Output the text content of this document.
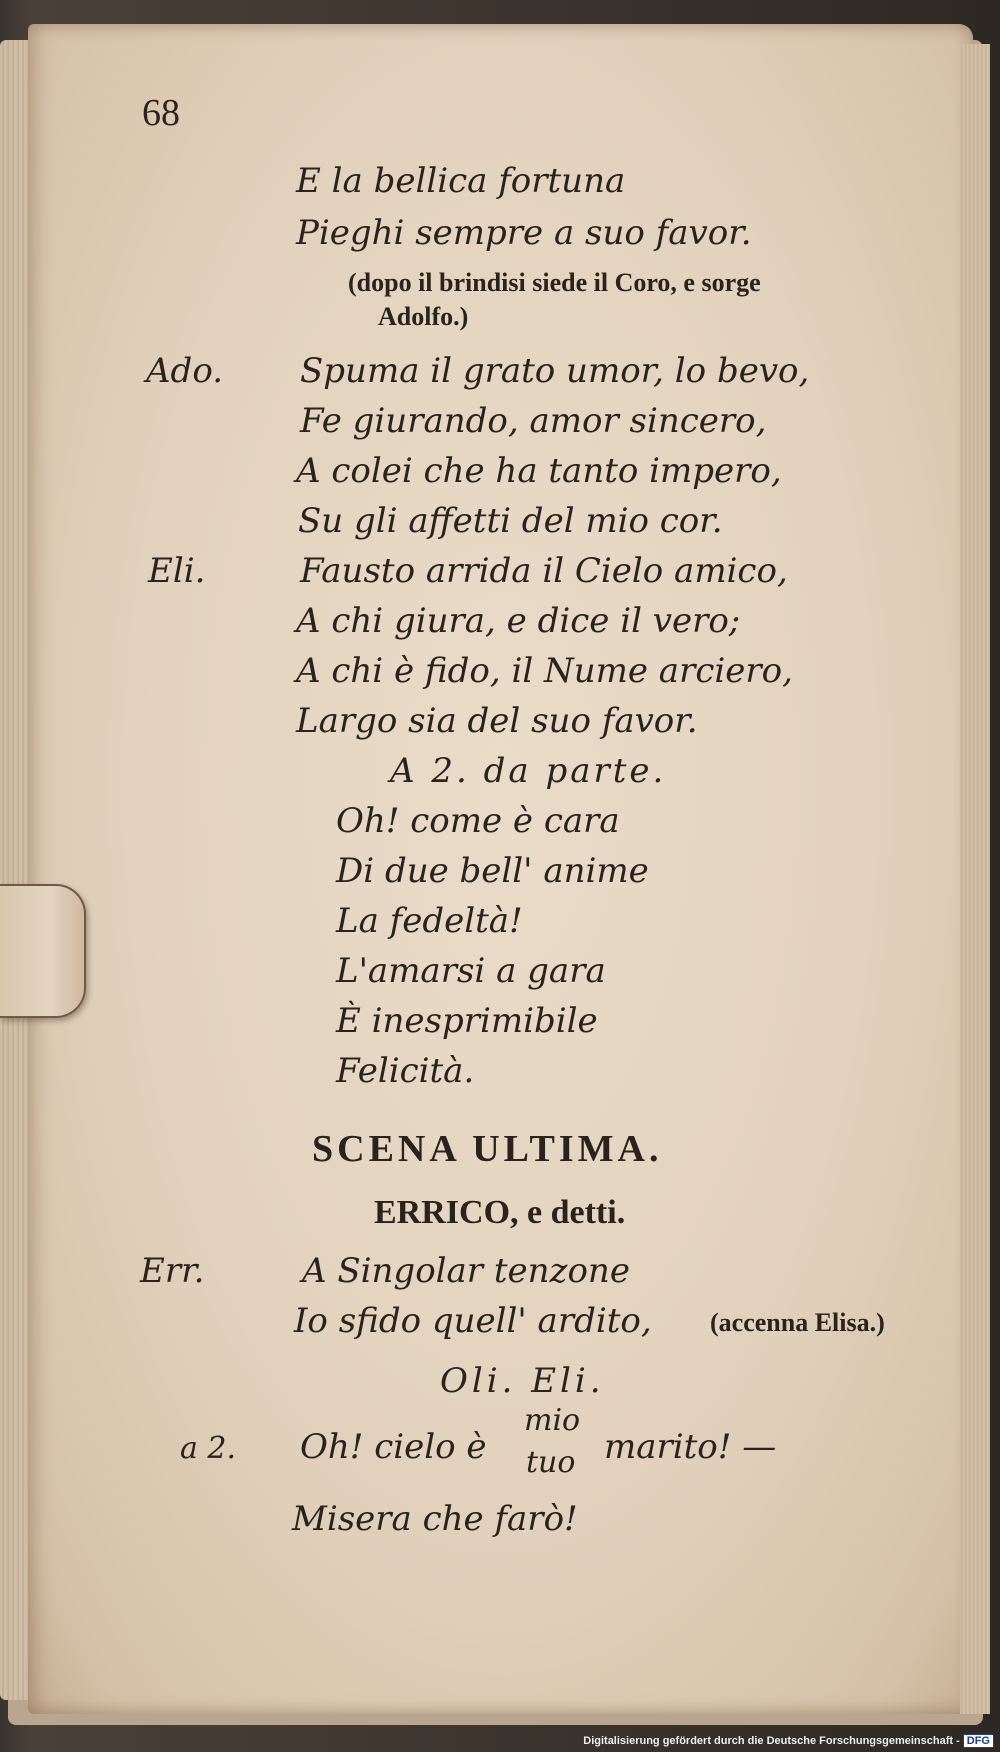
68
E la bellica fortuna
Pieghi sempre a suo favor.
(dopo il brindisi siede il Coro, e sorge
Adolfo.)
Ado. Spuma il grato umor, lo bevo,
Fe giurando, amor sincero,
A colei che ha tanto impero,
Su gli affetti del mio cor.
Eli.	Fausto arrida il Cielo amico,
A chi giura, e dice il vero;
A chi è fido, il Nume arciero,
Largo sia del suo favor.
A 2. da parte.
Oh! come è cara
Di due bell' anime
La fedeltà!
L'amarsi a gara
È inesprimibile
Felicità.
SCENA ULTIMA.
ERRICO, e detti.
Err.	A Singolar tenzone
Io sfido quell' ardito, (accenna Elisa.)
Oli. Eli.
a 2. Oh! cielo è
mio
tuo marito! —
Misera che farò!
Digitalisierung gefördert durch die Deutsche Forschungsgemeinschaft - DFG
